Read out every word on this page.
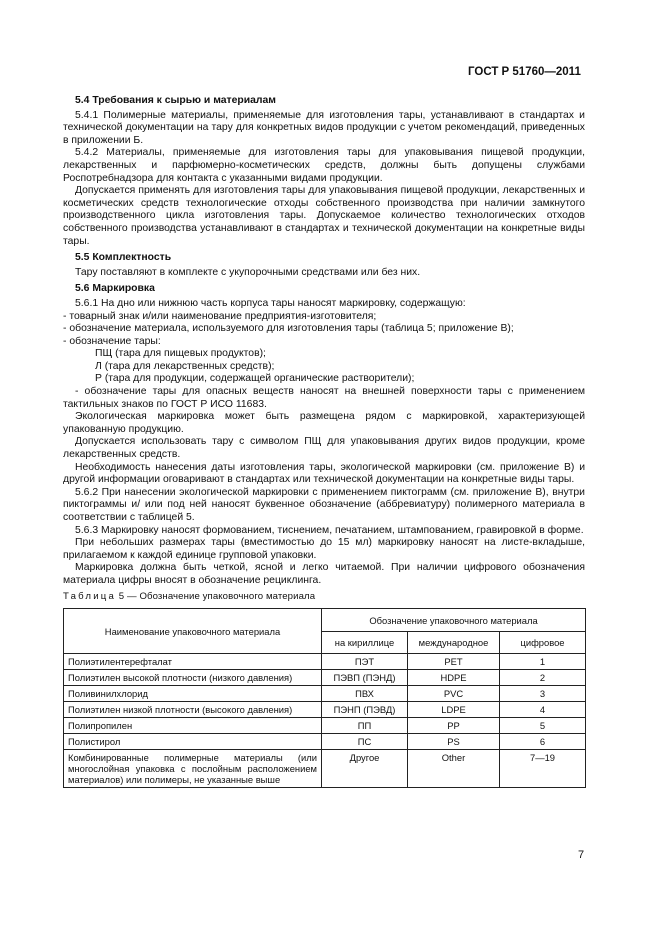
ГОСТ Р 51760—2011
5.4 Требования к сырью и материалам

5.4.1 Полимерные материалы, применяемые для изготовления тары, устанавливают в стандартах и технической документации на тару для конкретных видов продукции с учетом рекомендаций, приведенных в приложении Б.

5.4.2 Материалы, применяемые для изготовления тары для упаковывания пищевой продукции, лекарственных и парфюмерно-косметических средств, должны быть допущены службами Роспотребнадзора для контакта с указанными видами продукции.

Допускается применять для изготовления тары для упаковывания пищевой продукции, лекарственных и косметических средств технологические отходы собственного производства при наличии замкнутого производственного цикла изготовления тары. Допускаемое количество технологических отходов собственного производства устанавливают в стандартах и технической документации на конкретные виды тары.

5.5 Комплектность

Тару поставляют в комплекте с укупорочными средствами или без них.

5.6 Маркировка

5.6.1 На дно или нижнюю часть корпуса тары наносят маркировку, содержащую:

- товарный знак и/или наименование предприятия-изготовителя;
- обозначение материала, используемого для изготовления тары (таблица 5; приложение В);
- обозначение тары:
ПЩ (тара для пищевых продуктов);
Л (тара для лекарственных средств);
Р (тара для продукции, содержащей органические растворители);

- обозначение тары для опасных веществ наносят на внешней поверхности тары с применением тактильных знаков по ГОСТ Р ИСО 11683.

Экологическая маркировка может быть размещена рядом с маркировкой, характеризующей упакованную продукцию.

Допускается использовать тару с символом ПЩ для упаковывания других видов продукции, кроме лекарственных средств.

Необходимость нанесения даты изготовления тары, экологической маркировки (см. приложение В) и другой информации оговаривают в стандартах или технической документации на конкретные виды тары.

5.6.2 При нанесении экологической маркировки с применением пиктограмм (см. приложение В), внутри пиктограммы и/ или под ней наносят буквенное обозначение (аббревиатуру) полимерного материала в соответствии с таблицей 5.

5.6.3 Маркировку наносят формованием, тиснением, печатанием, штампованием, гравировкой в форме.

При небольших размерах тары (вместимостью до 15 мл) маркировку наносят на листе-вкладыше, прилагаемом к каждой единице групповой упаковки.

Маркировка должна быть четкой, ясной и легко читаемой. При наличии цифрового обозначения материала цифры вносят в обозначение рециклинга.

Таблица 5 — Обозначение упаковочного материала
Наименование упаковочного материала	Обозначение упаковочного материала		
	на кириллице	международное	цифровое
Полиэтилентерефталат	ПЭТ	PET	1
Полиэтилен высокой плотности (низкого давления)	ПЭВП (ПЭНД)	HDPE	2
Поливинилхлорид	ПВХ	PVC	3
Полиэтилен низкой плотности (высокого давления)	ПЭНП (ПЭВД)	LDPE	4
Полипропилен	ПП	PP	5
Полистирол	ПС	PS	6
Комбинированные полимерные материалы (или многослойная упаковка с послойным расположением материалов) или полимеры, не указанные выше	Другое	Other	7—19
7
